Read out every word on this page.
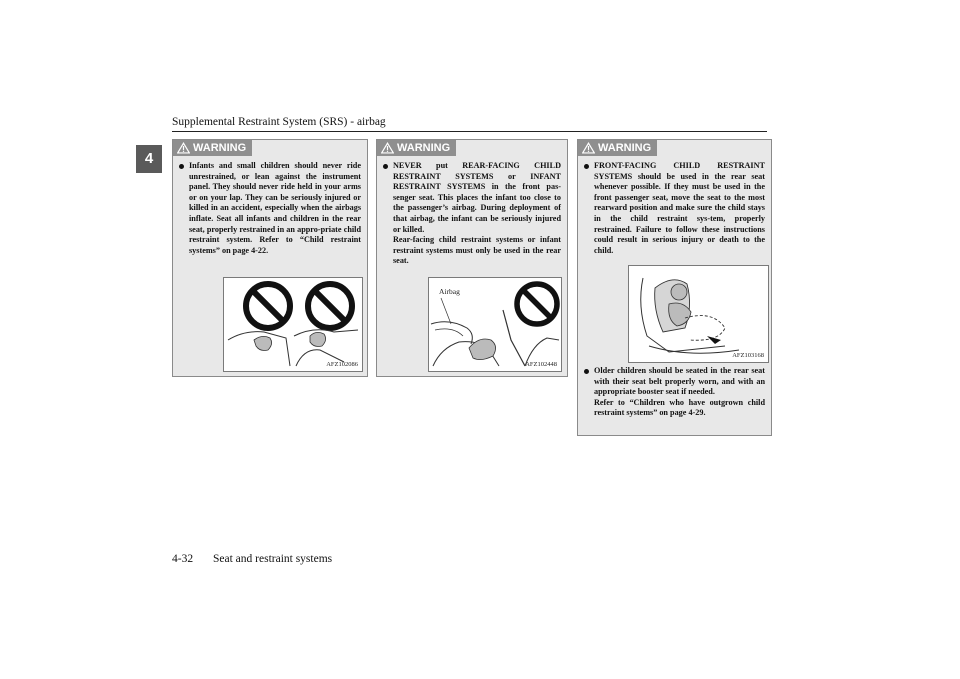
Supplemental Restraint System (SRS) - airbag
4
WARNING
Infants and small children should never ride unrestrained, or lean against the instrument panel. They should never ride held in your arms or on your lap. They can be seriously injured or killed in an accident, especially when the airbags inflate. Seat all infants and children in the rear seat, properly restrained in an appro-priate child restraint system. Refer to “Child restraint systems” on page 4-22.
AFZ102086
WARNING
NEVER put REAR-FACING CHILD RESTRAINT SYSTEMS or INFANT RESTRAINT SYSTEMS in the front pas-senger seat. This places the infant too close to the passenger’s airbag. During deployment of that airbag, the infant can be seriously injured or killed.

Rear-facing child restraint systems or infant restraint systems must only be used in the rear seat.

Airbag
AFZ102448
WARNING
FRONT-FACING CHILD RESTRAINT SYSTEMS should be used in the rear seat whenever possible. If they must be used in the front passenger seat, move the seat to the most rearward position and make sure the child stays in the child restraint sys-tem, properly restrained. Failure to follow these instructions could result in serious injury or death to the child.
AFZ103168
Older children should be seated in the rear seat with their seat belt properly worn, and with an appropriate booster seat if needed.

Refer to “Children who have outgrown child restraint systems” on page 4-29.

4-32 Seat and restraint systems
